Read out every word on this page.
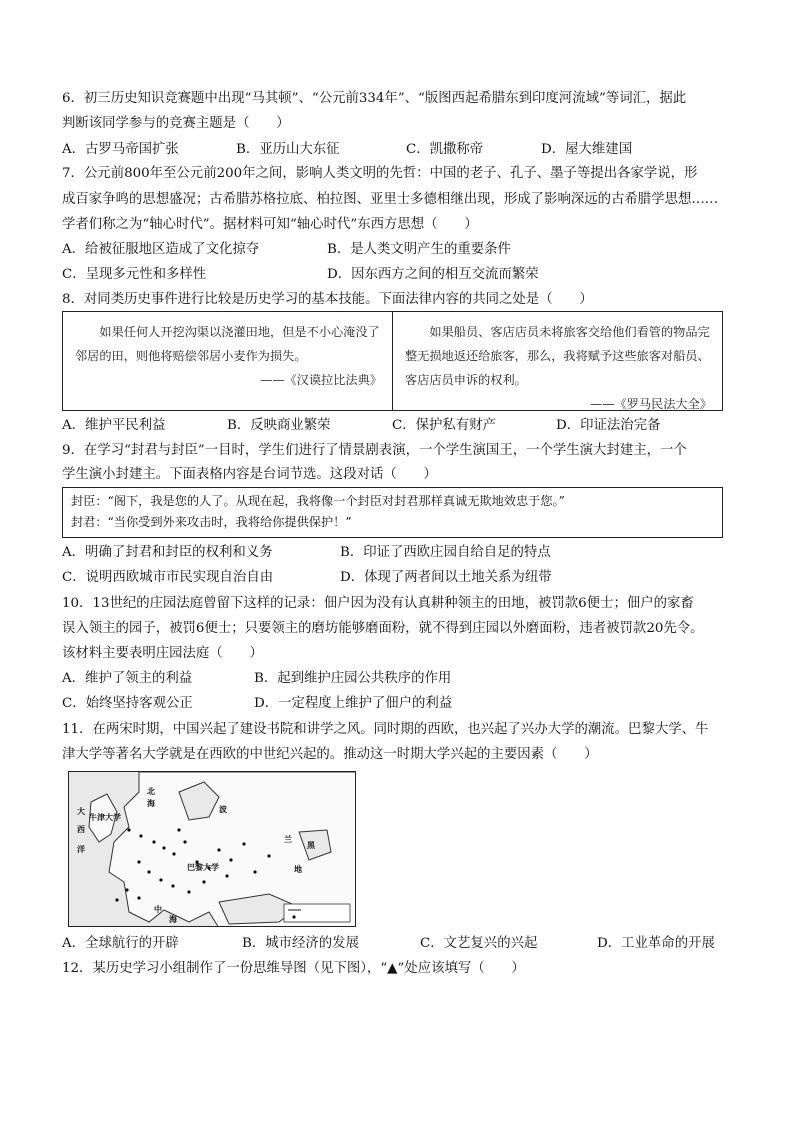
6．初三历史知识竞赛题中出现“马其顿”、“公元前334年”、“版图西起希腊东到印度河流域”等词汇，据此
判断该同学参与的竞赛主题是（　　）
A．古罗马帝国扩张	B．亚历山大东征	C．凯撒称帝	D．屋大维建国
7．公元前800年至公元前200年之间，影响人类文明的先哲：中国的老子、孔子、墨子等提出各家学说，形
成百家争鸣的思想盛况；古希腊苏格拉底、柏拉图、亚里士多德相继出现，形成了影响深远的古希腊学思想……
学者们称之为“轴心时代”。据材料可知“轴心时代”东西方思想（　　）
A．给被征服地区造成了文化掠夺	B．是人类文明产生的重要条件
C．呈现多元性和多样性	D．因东西方之间的相互交流而繁荣
8．对同类历史事件进行比较是历史学习的基本技能。下面法律内容的共同之处是（　　）

如果任何人开挖沟渠以浇灌田地，但是不小心淹没了邻居的田，则他将赔偿邻居小麦作为损失。

——《汉谟拉比法典》

如果船员、客店店员未将旅客交给他们看管的物品完整无损地返还给旅客，那么，我将赋予这些旅客对船员、客店店员申诉的权利。

——《罗马民法大全》
A．维护平民利益	B．反映商业繁荣	C．保护私有财产	D．印证法治完备
9．在学习“封君与封臣”一目时，学生们进行了情景剧表演，一个学生演国王，一个学生演大封建主，一个
学生演小封建主。下面表格内容是台词节选。这段对话（　　）
封臣：“阁下，我是您的人了。从现在起，我将像一个封臣对封君那样真诚无欺地效忠于您。”
封君：“当你受到外来攻击时，我将给你提供保护！”
A．明确了封君和封臣的权利和义务	B．印证了西欧庄园自给自足的特点
C．说明西欧城市市民实现自治自由	D．体现了两者间以土地关系为纽带
10．13世纪的庄园法庭曾留下这样的记录：佃户因为没有认真耕种领主的田地，被罚款6便士；佃户的家畜
误入领主的园子，被罚6便士；只要领主的磨坊能够磨面粉，就不得到庄园以外磨面粉，违者被罚款20先令。
该材料主要表明庄园法庭（　　）
A．维护了领主的利益	B．起到维护庄园公共秩序的作用
C．始终坚持客观公正	D．一定程度上维护了佃户的利益
11．在两宋时期，中国兴起了建设书院和讲学之风。同时期的西欧，也兴起了兴办大学的潮流。巴黎大学、牛
津大学等著名大学就是在西欧的中世纪兴起的。推动这一时期大学兴起的主要因素（　　）
大
西
洋
北
海
牛津大学
巴黎大学
波
兰
黑
地
中
海
A．全球航行的开辟	B．城市经济的发展	C．文艺复兴的兴起	D．工业革命的开展
12．某历史学习小组制作了一份思维导图（见下图），“▲”处应该填写（　　）
